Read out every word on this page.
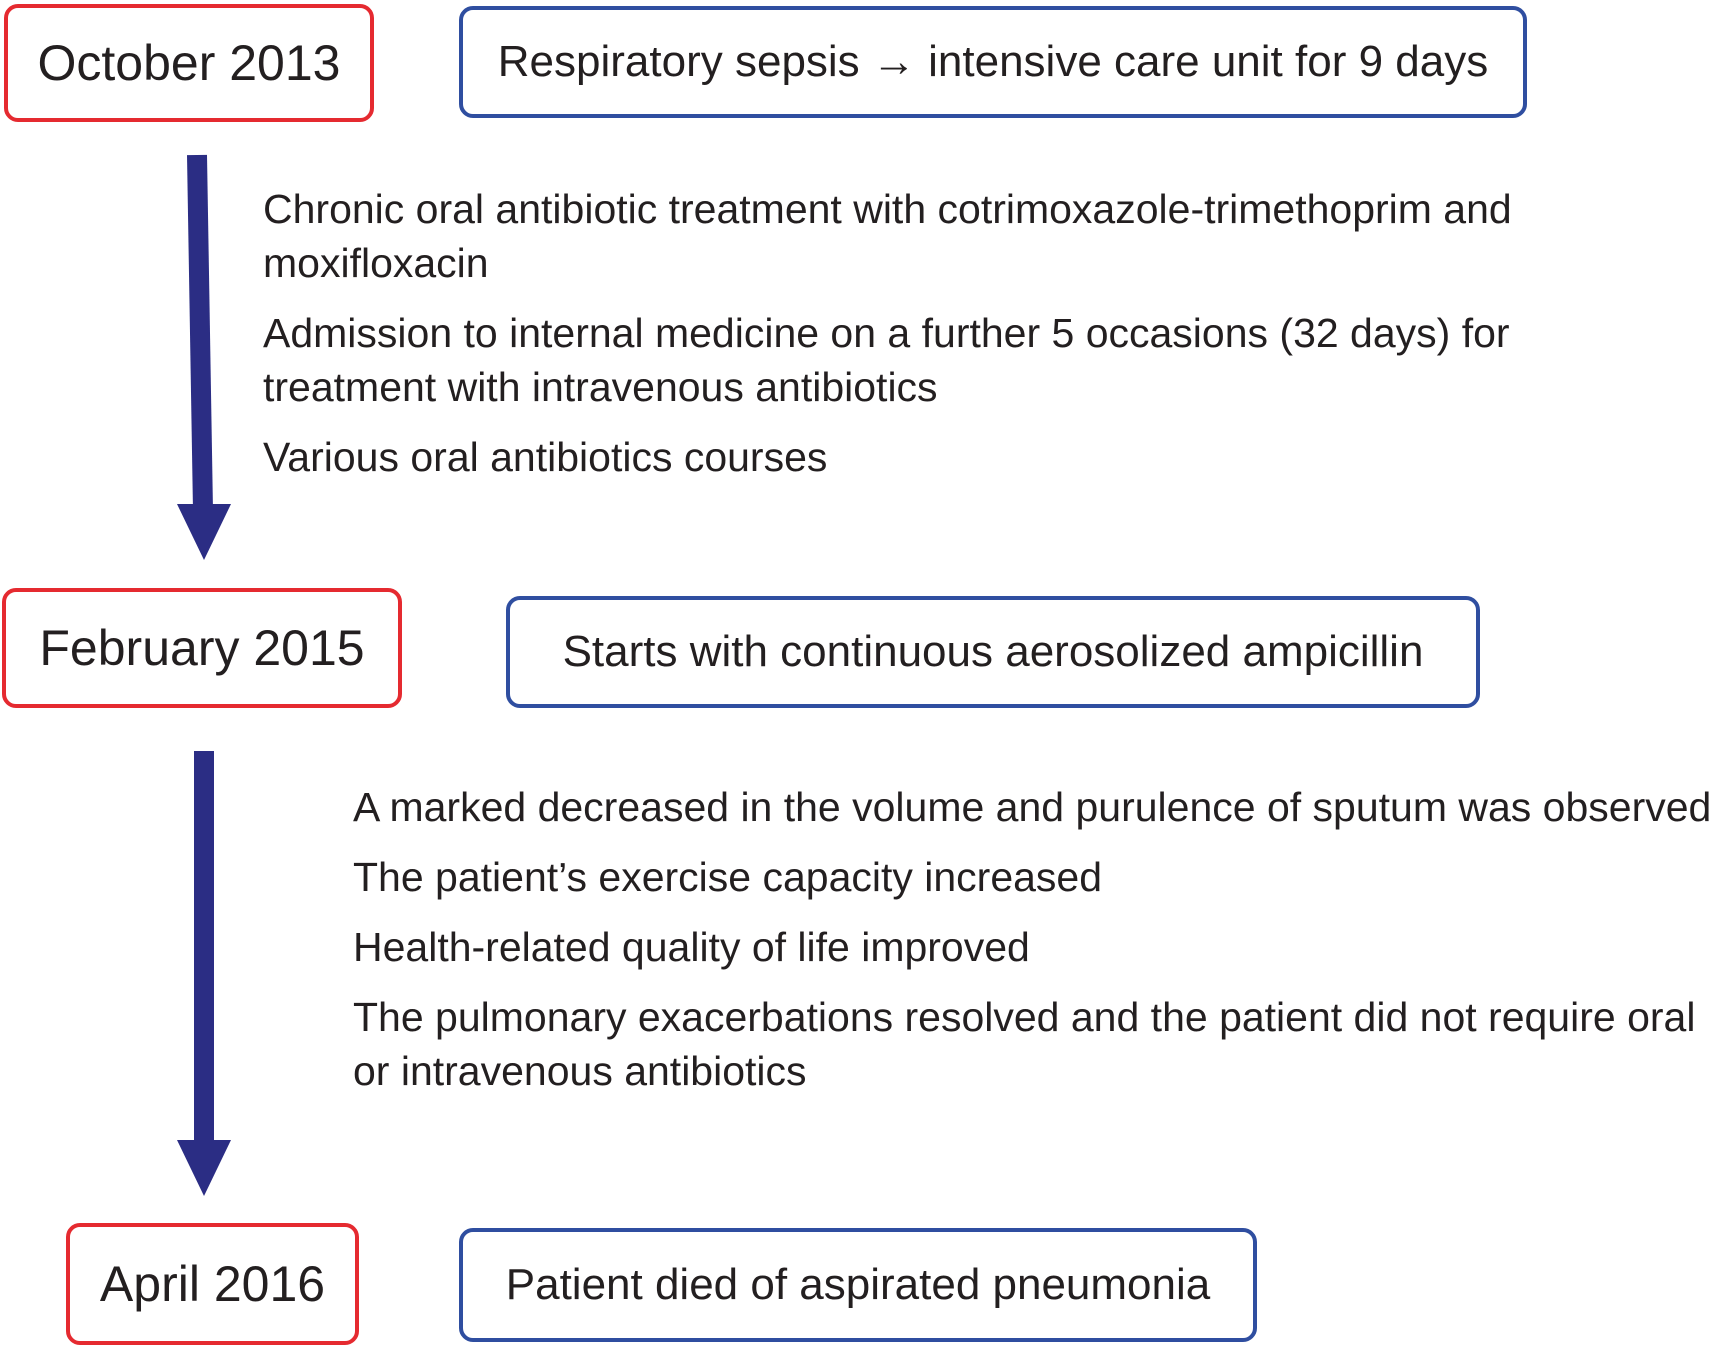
October 2013	Respiratory sepsis → intensive care unit for 9 days

Chronic oral antibiotic treatment with cotrimoxazole-trimethoprim and moxifloxacin

Admission to internal medicine on a further 5 occasions (32 days) for treatment with intravenous antibiotics

Various oral antibiotics courses

February 2015	Starts with continuous aerosolized ampicillin

A marked decreased in the volume and purulence of sputum was observed

The patient’s exercise capacity increased

Health-related quality of life improved

The pulmonary exacerbations resolved and the patient did not require oral or intravenous antibiotics

April 2016	Patient died of aspirated pneumonia
